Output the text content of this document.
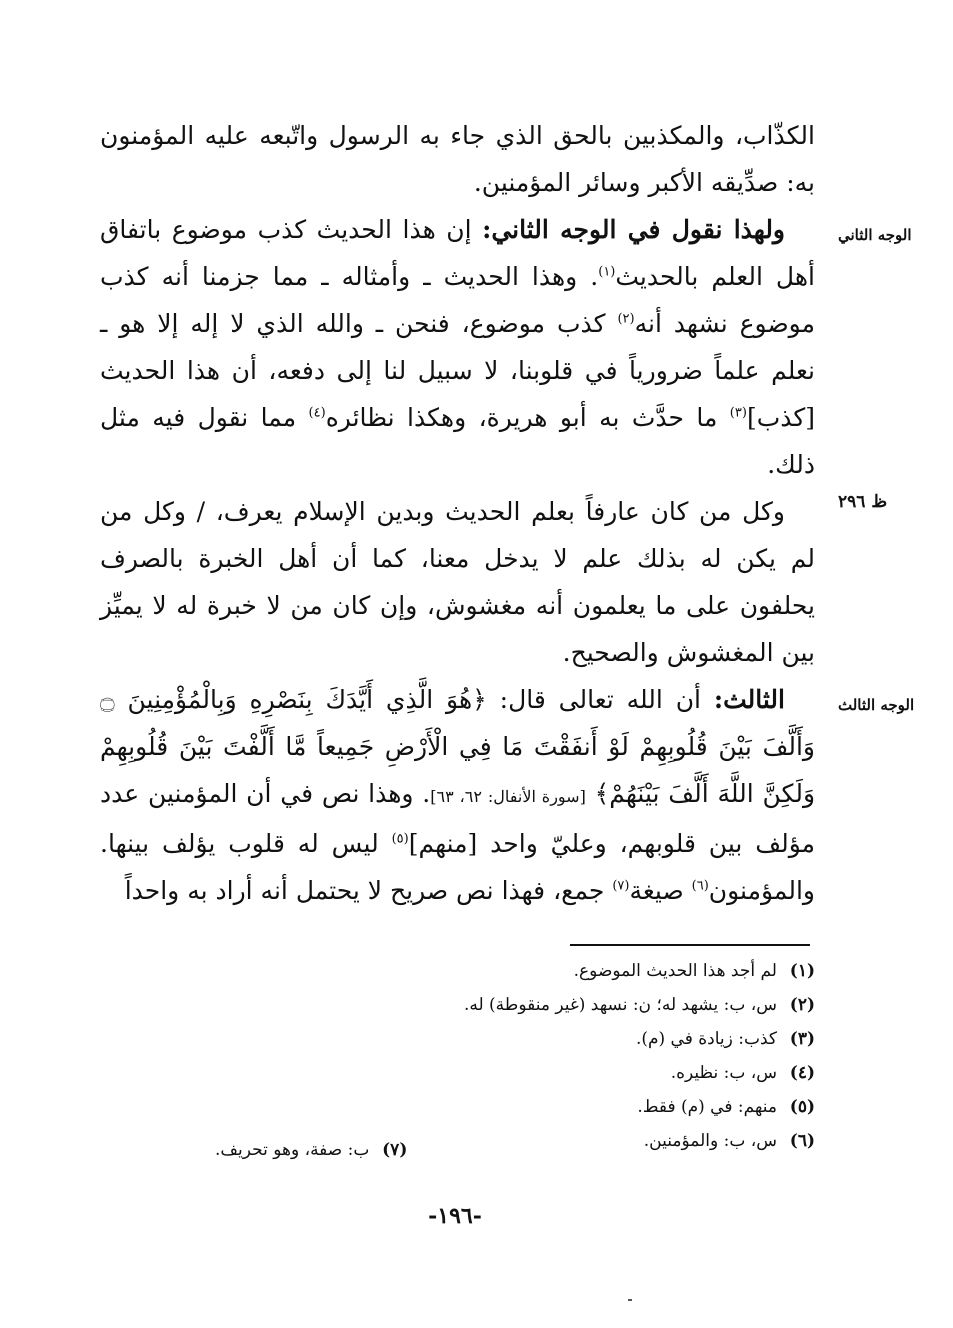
الكذّاب، والمكذبين بالحق الذي جاء به الرسول واتّبعه عليه المؤمنون به: صدِّيقه الأكبر وسائر المؤمنين.

ولهذا نقول في الوجه الثاني: إن هذا الحديث كذب موضوع باتفاق أهل العلم بالحديث$^{(١)}$. وهذا الحديث ـ وأمثاله ـ مما جزمنا أنه كذب موضوع نشهد أنه$^{(٢)}$ كذب موضوع، فنحن ـ والله الذي لا إله إلا هو ـ نعلم علماً ضرورياً في قلوبنا، لا سبيل لنا إلى دفعه، أن هذا الحديث [كذب]$^{(٣)}$ ما حدَّث به أبو هريرة، وهكذا نظائره$^{(٤)}$ مما نقول فيه مثل ذلك.

وكل من كان عارفاً بعلم الحديث وبدين الإسلام يعرف، / وكل من لم يكن له بذلك علم لا يدخل معنا، كما أن أهل الخبرة بالصرف يحلفون على ما يعلمون أنه مغشوش، وإن كان من لا خبرة له لا يميِّز بين المغشوش والصحيح.

الثالث: أن الله تعالى قال: ﴿هُوَ الَّذِي أَيَّدَكَ بِنَصْرِهِ وَبِالْمُؤْمِنِينَ ۝ وَأَلَّفَ بَيْنَ قُلُوبِهِمْ لَوْ أَنفَقْتَ مَا فِي الْأَرْضِ جَمِيعاً مَّا أَلَّفْتَ بَيْنَ قُلُوبِهِمْ وَلَكِنَّ اللَّهَ أَلَّفَ بَيْنَهُمْ﴾ [سورة الأنفال: ٦٢، ٦٣]. وهذا نص في أن المؤمنين عدد مؤلف بين قلوبهم، وعليّ واحد [منهم]$^{(٥)}$ ليس له قلوب يؤلف بينها. والمؤمنون$^{(٦)}$ صيغة$^{(٧)}$ جمع، فهذا نص صريح لا يحتمل أنه أراد به واحداً

الوجه الثاني
ظ ٢٩٦
الوجه الثالث
(١)لم أجد هذا الحديث الموضوع.
(٢)س، ب: يشهد له؛ ن: نسهد (غير منقوطة) له.
(٣)كذب: زيادة في (م).
(٤)س، ب: نظيره.
(٥)منهم: في (م) فقط.
(٦)س، ب: والمؤمنين.
(٧)ب: صفة، وهو تحريف.
-١٩٦-
